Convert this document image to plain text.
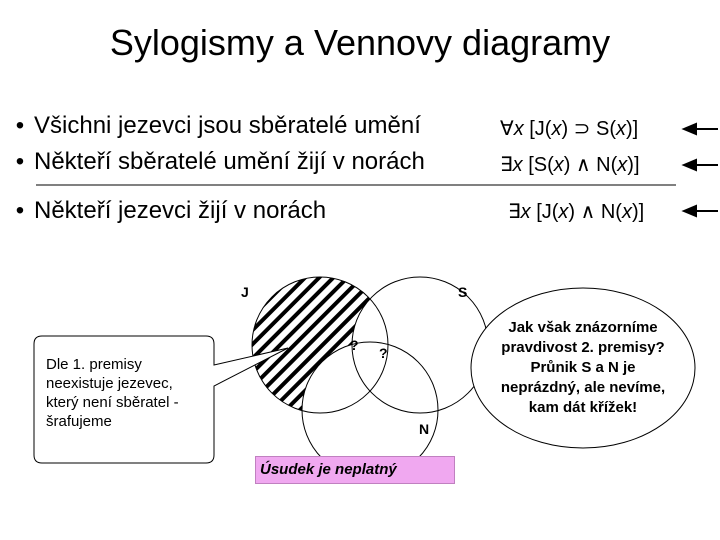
Sylogismy a Vennovy diagramy
• Všichni jezevci jsou sběratelé umění
• Někteří sběratelé umění žijí v norách
• Někteří jezevci žijí v norách
∀x [J(x) ⊃ S(x)]
∃x [S(x) ∧ N(x)]
∃x [J(x) ∧ N(x)]
J	S
N
? ?
Dle 1. premisy
neexistuje jezevec,
který není sběratel -
šrafujeme
Jak však znázorníme
pravdivost 2. premisy?
Průnik S a N je
neprázdný, ale nevíme,
kam dát křížek!
Úsudek je neplatný
